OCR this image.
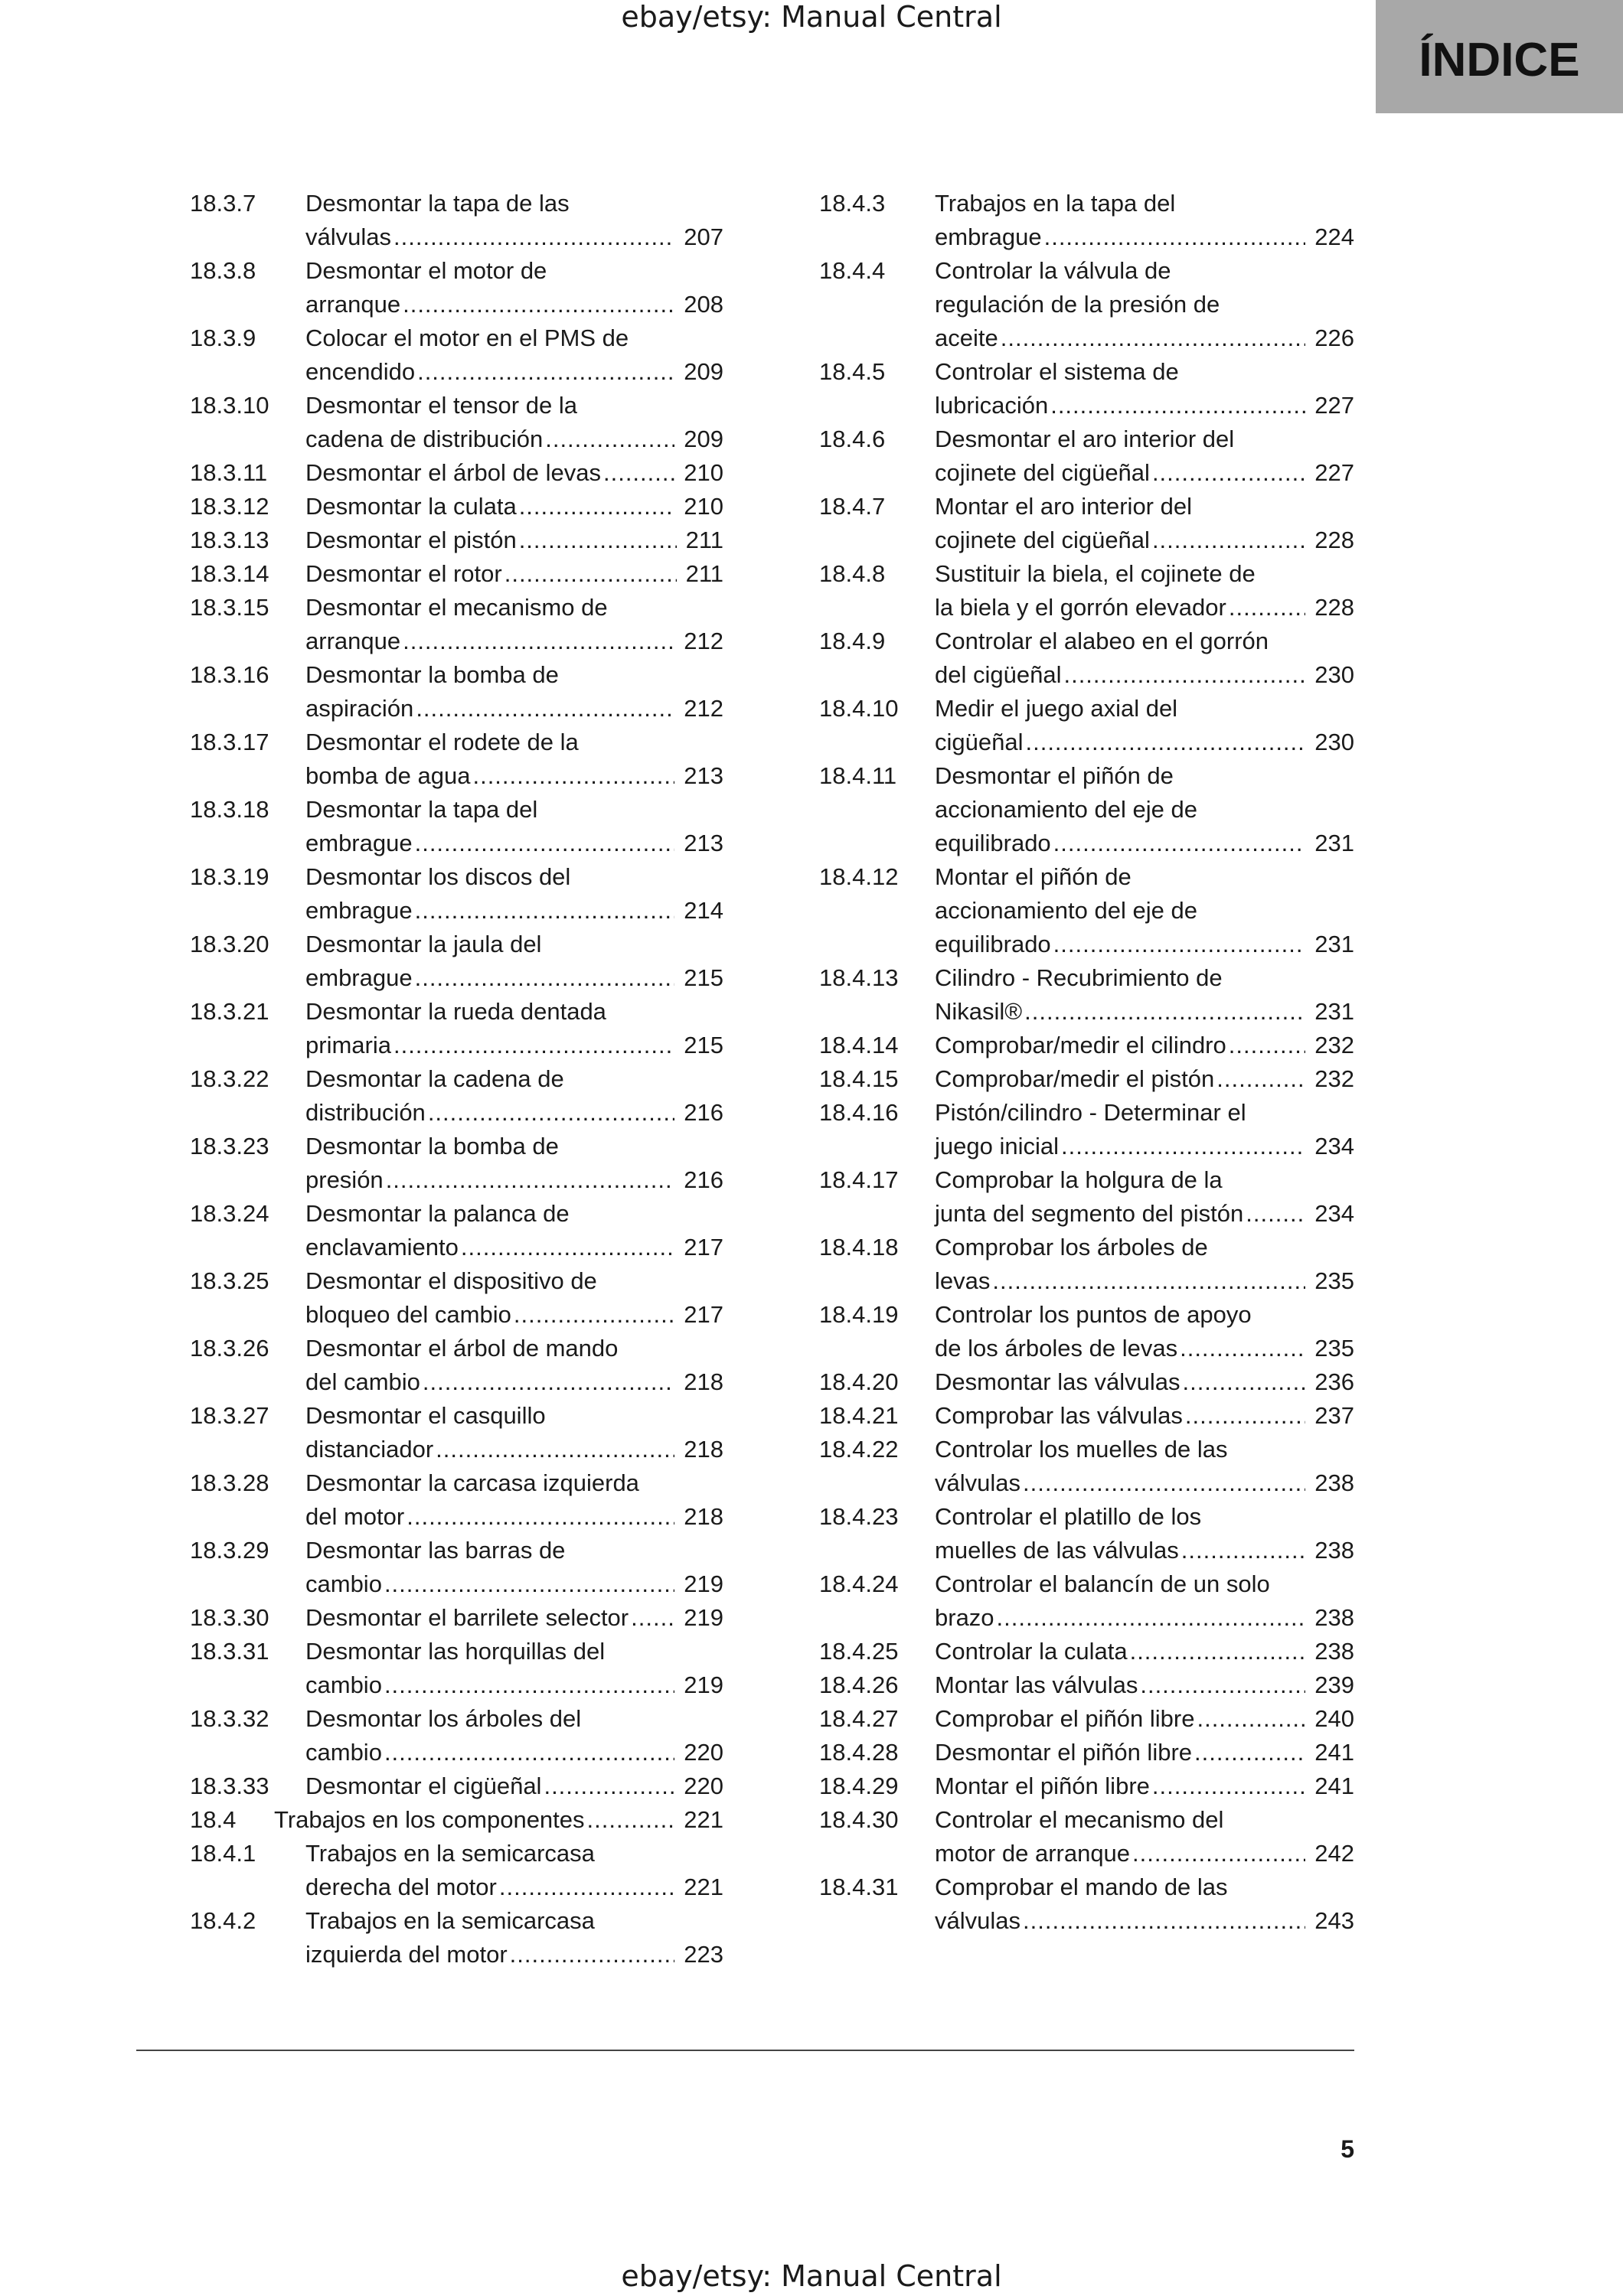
ebay/etsy: Manual Central
ÍNDICE
18.3.7 Desmontar la tapa de las
válvulas .....	207
18.3.8 Desmontar el motor de
arranque .....	208
18.3.9 Colocar el motor en el PMS de
encendido .....	209
18.3.10 Desmontar el tensor de la
cadena de distribución .....	209
18.3.11 Desmontar el árbol de levas .....	210
18.3.12 Desmontar la culata .....	210
18.3.13 Desmontar el pistón .....	211
18.3.14 Desmontar el rotor .....	211
18.3.15 Desmontar el mecanismo de
arranque .....	212
18.3.16 Desmontar la bomba de
aspiración .....	212
18.3.17 Desmontar el rodete de la
bomba de agua .....	213
18.3.18 Desmontar la tapa del
embrague .....	213
18.3.19 Desmontar los discos del
embrague .....	214
18.3.20 Desmontar la jaula del
embrague .....	215
18.3.21 Desmontar la rueda dentada
primaria .....	215
18.3.22 Desmontar la cadena de
distribución .....	216
18.3.23 Desmontar la bomba de
presión .....	216
18.3.24 Desmontar la palanca de
enclavamiento .....	217
18.3.25 Desmontar el dispositivo de
bloqueo del cambio .....	217
18.3.26 Desmontar el árbol de mando
del cambio .....	218
18.3.27 Desmontar el casquillo
distanciador .....	218
18.3.28 Desmontar la carcasa izquierda
del motor .....	218
18.3.29 Desmontar las barras de
cambio .....	219
18.3.30 Desmontar el barrilete selector ..... 219
18.3.31 Desmontar las horquillas del
cambio .....	219
18.3.32 Desmontar los árboles del
cambio .....	220
18.3.33 Desmontar el cigüeñal .....	220
18.4 Trabajos en los componentes .....	221
18.4.1 Trabajos en la semicarcasa
derecha del motor .....	221
18.4.2 Trabajos en la semicarcasa
izquierda del motor .....	223
18.4.3 Trabajos en la tapa del
embrague .....	224
18.4.4 Controlar la válvula de
regulación de la presión de
aceite .....	226
18.4.5 Controlar el sistema de
lubricación .....	227
18.4.6 Desmontar el aro interior del
cojinete del cigüeñal .....	227
18.4.7 Montar el aro interior del
cojinete del cigüeñal .....	228
18.4.8 Sustituir la biela, el cojinete de
la biela y el gorrón elevador .....	228
18.4.9 Controlar el alabeo en el gorrón
del cigüeñal .....	230
18.4.10 Medir el juego axial del
cigüeñal .....	230
18.4.11 Desmontar el piñón de
accionamiento del eje de
equilibrado .....	231
18.4.12 Montar el piñón de
accionamiento del eje de
equilibrado .....	231
18.4.13 Cilindro - Recubrimiento de
Nikasil® .....	231
18.4.14 Comprobar/medir el cilindro .....	232
18.4.15 Comprobar/medir el pistón .....	232
18.4.16 Pistón/cilindro - Determinar el
juego inicial .....	234
18.4.17 Comprobar la holgura de la
junta del segmento del pistón .....	234
18.4.18 Comprobar los árboles de
levas .....	235
18.4.19 Controlar los puntos de apoyo
de los árboles de levas .....	235
18.4.20 Desmontar las válvulas .....	236
18.4.21 Comprobar las válvulas .....	237
18.4.22 Controlar los muelles de las
válvulas .....	238
18.4.23 Controlar el platillo de los
muelles de las válvulas .....	238
18.4.24 Controlar el balancín de un solo
brazo .....	238
18.4.25 Controlar la culata .....	238
18.4.26 Montar las válvulas .....	239
18.4.27 Comprobar el piñón libre .....	240
18.4.28 Desmontar el piñón libre .....	241
18.4.29 Montar el piñón libre .....	241
18.4.30 Controlar el mecanismo del
motor de arranque .....	242
18.4.31 Comprobar el mando de las
válvulas .....	243
5
ebay/etsy: Manual Central
